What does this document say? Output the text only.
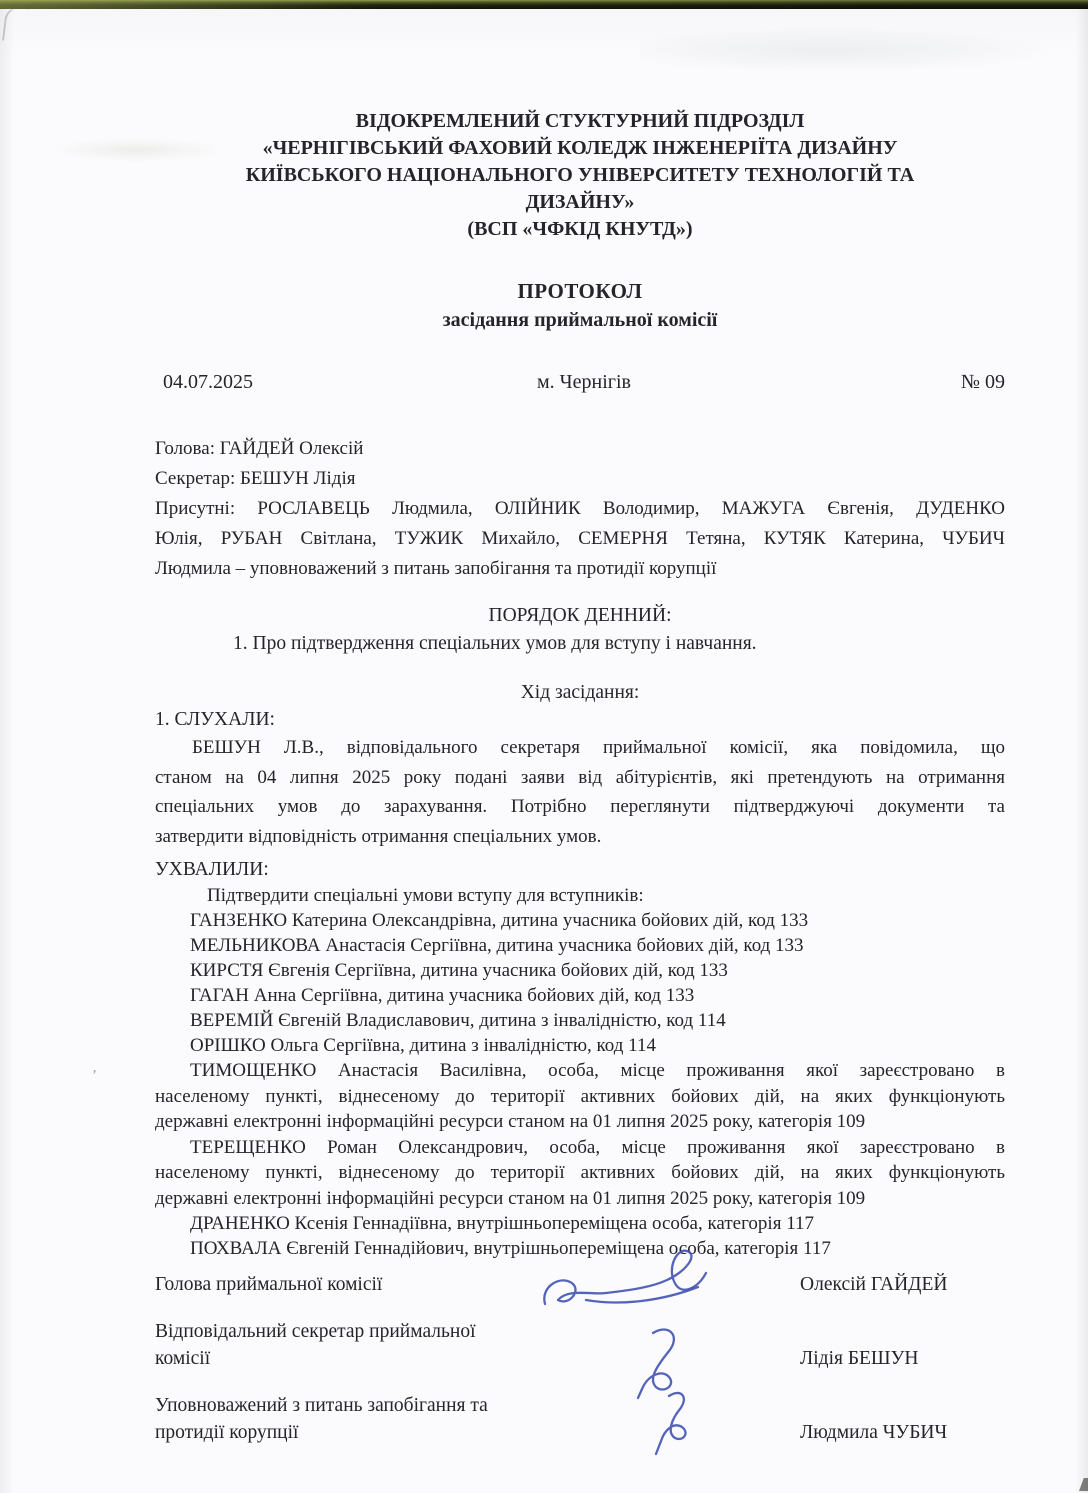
ʼ
ВІДОКРЕМЛЕНИЙ СТУКТУРНИЙ ПІДРОЗДІЛ
«ЧЕРНІГІВСЬКИЙ ФАХОВИЙ КОЛЕДЖ ІНЖЕНЕРІЇТА ДИЗАЙНУ
КИЇВСЬКОГО НАЦІОНАЛЬНОГО УНІВЕРСИТЕТУ ТЕХНОЛОГІЙ ТА
ДИЗАЙНУ»
(ВСП «ЧФКІД КНУТД»)
ПРОТОКОЛ
засідання приймальної комісії
04.07.2025	м. Чернігів	№ 09
Голова: ГАЙДЕЙ Олексій
Секретар: БЕШУН Лідія
Присутні: РОСЛАВЕЦЬ Людмила, ОЛІЙНИК Володимир, МАЖУГА Євгенія, ДУДЕНКО
Юлія, РУБАН Світлана, ТУЖИК Михайло, СЕМЕРНЯ Тетяна, КУТЯК Катерина, ЧУБИЧ
Людмила – уповноважений з питань запобігання та протидії корупції
ПОРЯДОК ДЕННИЙ:
1. Про підтвердження спеціальних умов для вступу і навчання.
Хід засідання:
1. СЛУХАЛИ:
БЕШУН Л.В., відповідального секретаря приймальної комісії, яка повідомила, що
станом на 04 липня 2025 року подані заяви від абітурієнтів, які претендують на отримання
спеціальних умов до зарахування. Потрібно переглянути підтверджуючі документи та
затвердити відповідність отримання спеціальних умов.
УХВАЛИЛИ:
Підтвердити спеціальні умови вступу для вступників:
ГАНЗЕНКО Катерина Олександрівна, дитина учасника бойових дій, код 133
МЕЛЬНИКОВА Анастасія Сергіївна, дитина учасника бойових дій, код 133
КИРСТЯ Євгенія Сергіївна, дитина учасника бойових дій, код 133
ГАГАН Анна Сергіївна, дитина учасника бойових дій, код 133
ВЕРЕМІЙ Євгеній Владиславович, дитина з інвалідністю, код 114
ОРІШКО Ольга Сергіївна, дитина з інвалідністю, код 114
ТИМОЩЕНКО Анастасія Василівна, особа, місце проживання якої зареєстровано в
населеному пункті, віднесеному до території активних бойових дій, на яких функціонують
державні електронні інформаційні ресурси станом на 01 липня 2025 року, категорія 109
ТЕРЕЩЕНКО Роман Олександрович, особа, місце проживання якої зареєстровано в
населеному пункті, віднесеному до території активних бойових дій, на яких функціонують
державні електронні інформаційні ресурси станом на 01 липня 2025 року, категорія 109
ДРАНЕНКО Ксенія Геннадіївна, внутрішньопереміщена особа, категорія 117
ПОХВАЛА Євгеній Геннадійович, внутрішньопереміщена особа, категорія 117
Голова приймальної комісії	Олексій ГАЙДЕЙ
Відповідальний секретар приймальної комісії	Лідія БЕШУН
Уповноважений з питань запобігання та протидії корупції	Людмила ЧУБИЧ
